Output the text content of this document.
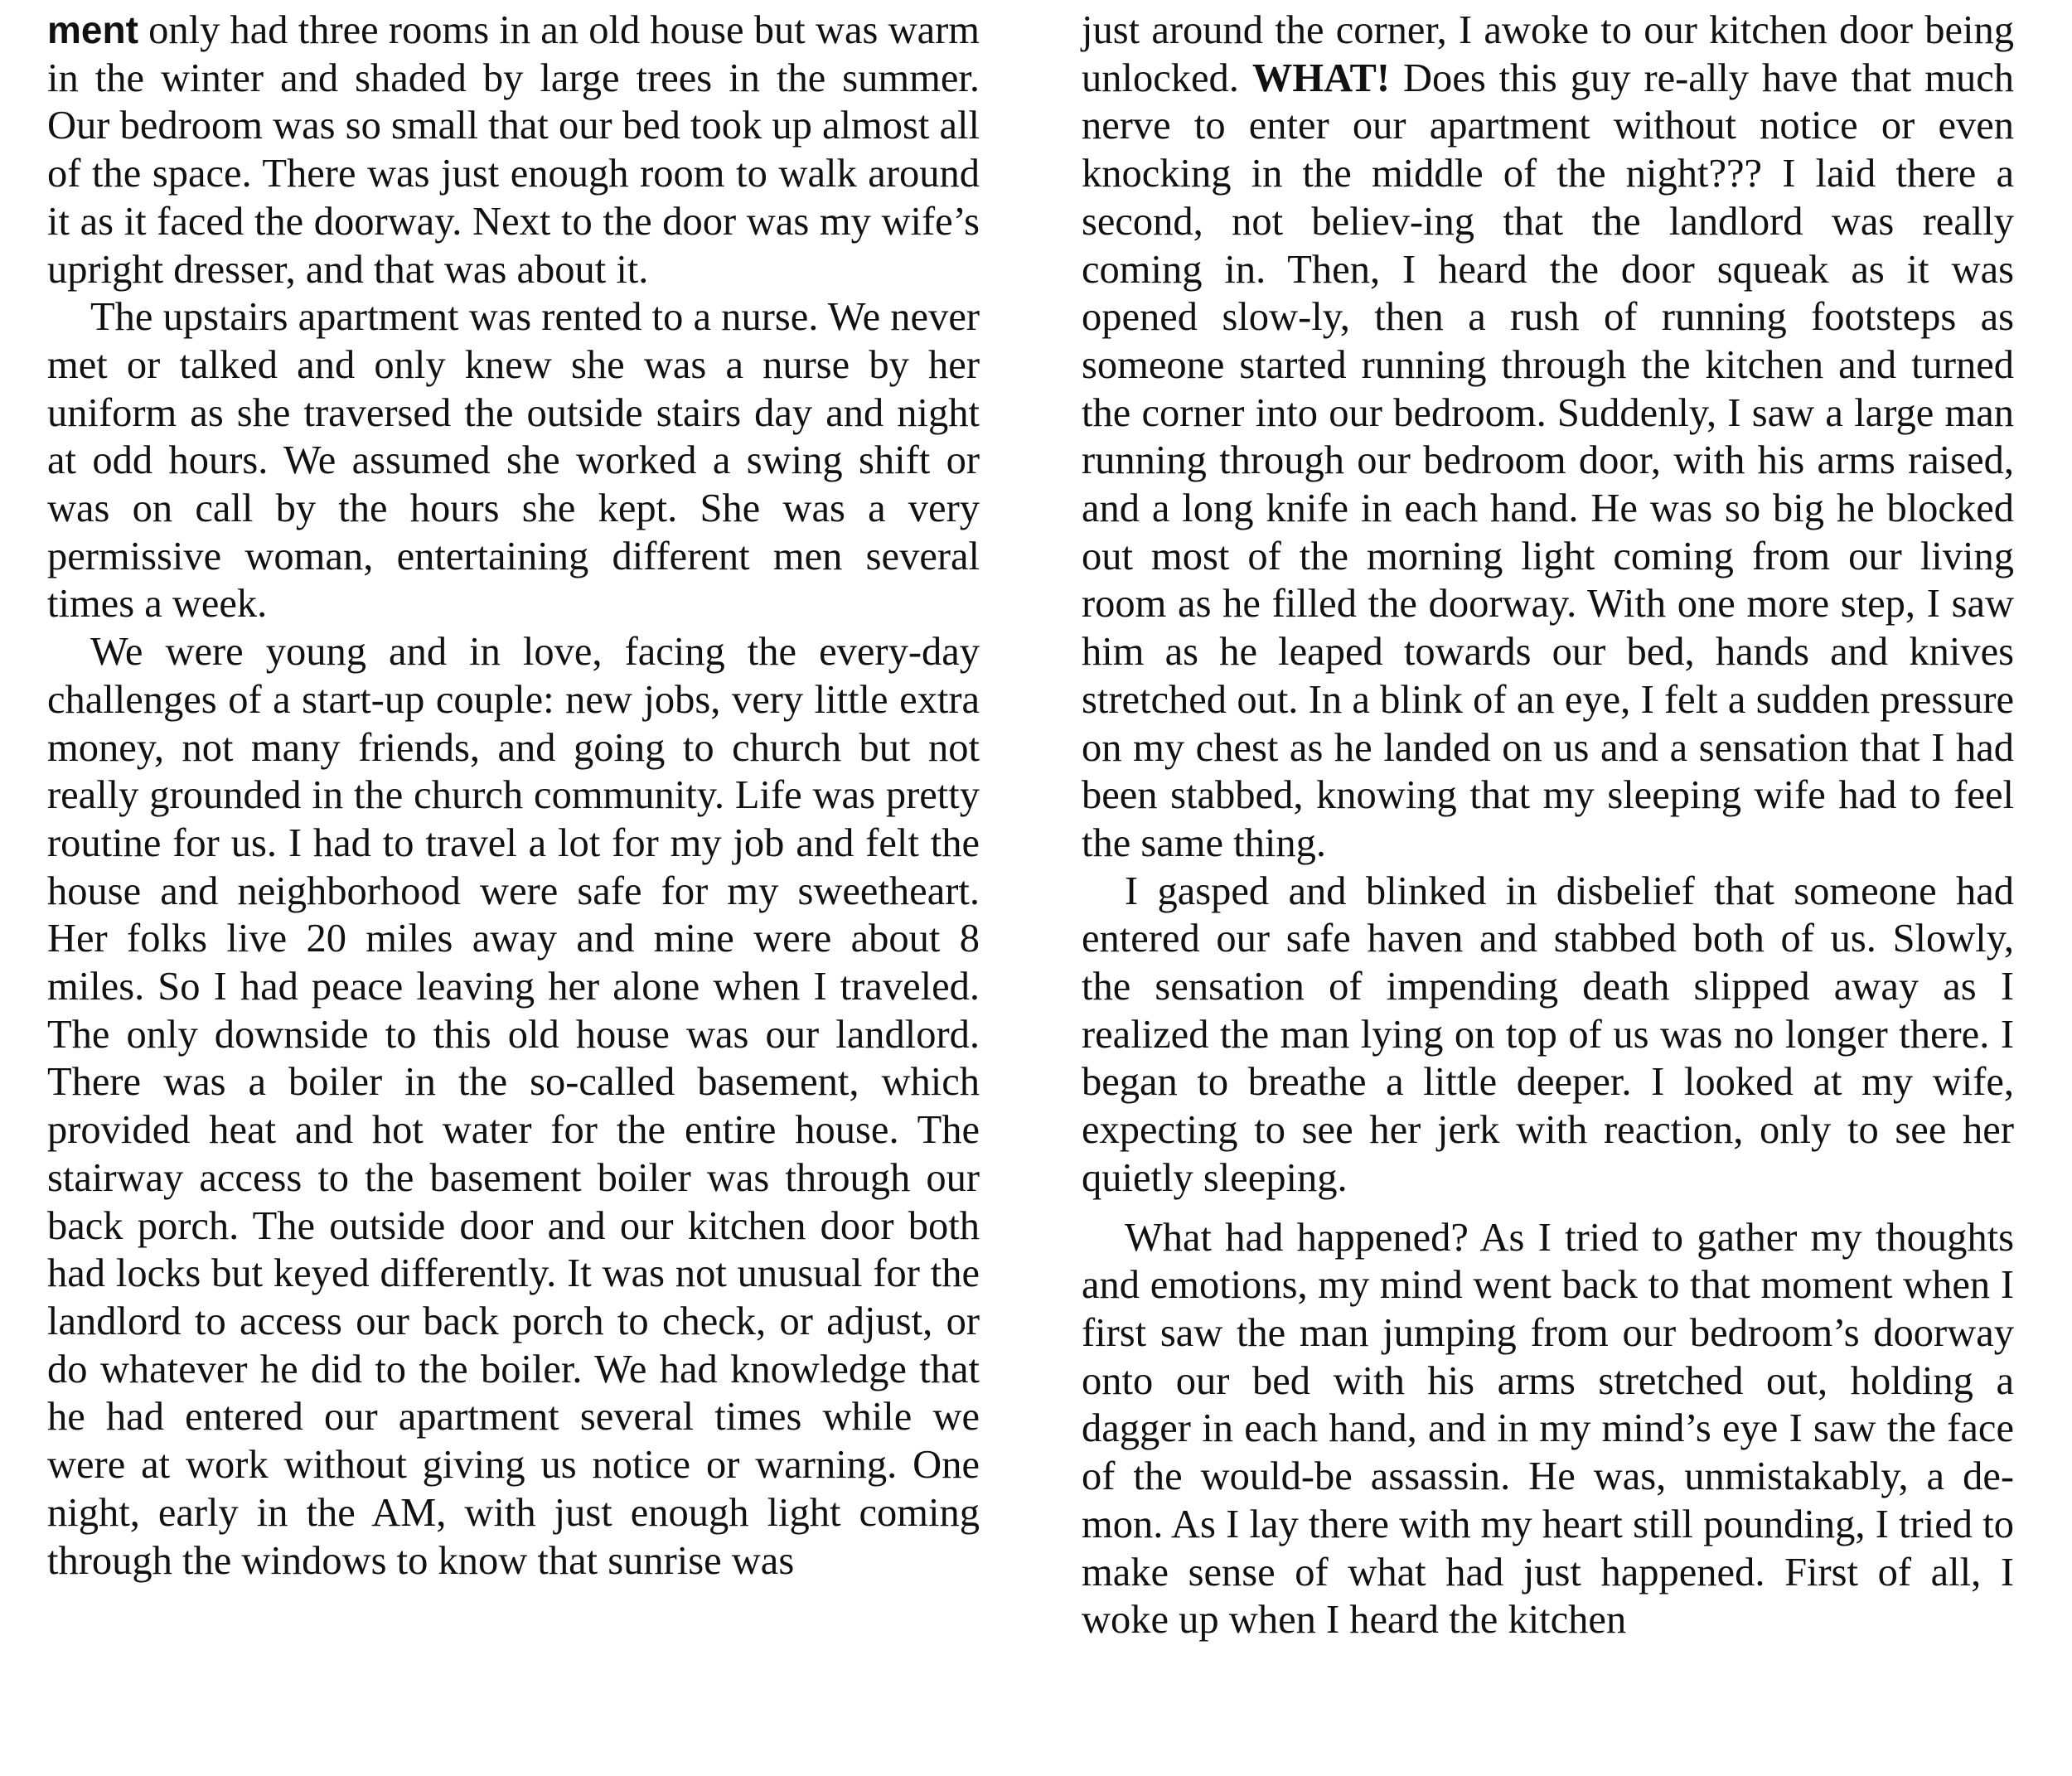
ment only had three rooms in an old house but was warm in the winter and shaded by large trees in the summer. Our bedroom was so small that our bed took up almost all of the space. There was just enough room to walk around it as it faced the doorway. Next to the door was my wife’s upright dresser, and that was about it.

The upstairs apartment was rented to a nurse. We never met or talked and only knew she was a nurse by her uniform as she traversed the outside stairs day and night at odd hours. We assumed she worked a swing shift or was on call by the hours she kept. She was a very permissive woman, entertaining different men several times a week.

We were young and in love, facing the every-day challenges of a start-up couple: new jobs, very little extra money, not many friends, and going to church but not really grounded in the church community. Life was pretty routine for us. I had to travel a lot for my job and felt the house and neighborhood were safe for my sweetheart. Her folks live 20 miles away and mine were about 8 miles. So I had peace leaving her alone when I traveled. The only downside to this old house was our landlord. There was a boiler in the so-called basement, which provided heat and hot water for the entire house. The stairway access to the basement boiler was through our back porch. The outside door and our kitchen door both had locks but keyed differently. It was not unusual for the landlord to access our back porch to check, or adjust, or do whatever he did to the boiler. We had knowledge that he had entered our apartment several times while we were at work without giving us notice or warning. One night, early in the AM, with just enough light coming through the windows to know that sunrise was

just around the corner, I awoke to our kitchen door being unlocked. WHAT! Does this guy re-ally have that much nerve to enter our apartment without notice or even knocking in the middle of the night??? I laid there a second, not believ-ing that the landlord was really coming in. Then, I heard the door squeak as it was opened slow-ly, then a rush of running footsteps as someone started running through the kitchen and turned the corner into our bedroom. Suddenly, I saw a large man running through our bedroom door, with his arms raised, and a long knife in each hand. He was so big he blocked out most of the morning light coming from our living room as he filled the doorway. With one more step, I saw him as he leaped towards our bed, hands and knives stretched out. In a blink of an eye, I felt a sudden pressure on my chest as he landed on us and a sensation that I had been stabbed, knowing that my sleeping wife had to feel the same thing.

I gasped and blinked in disbelief that someone had entered our safe haven and stabbed both of us. Slowly, the sensation of impending death slipped away as I realized the man lying on top of us was no longer there. I began to breathe a little deeper. I looked at my wife, expecting to see her jerk with reaction, only to see her quietly sleeping.

What had happened? As I tried to gather my thoughts and emotions, my mind went back to that moment when I first saw the man jumping from our bedroom’s doorway onto our bed with his arms stretched out, holding a dagger in each hand, and in my mind’s eye I saw the face of the would-be assassin. He was, unmistakably, a de-mon. As I lay there with my heart still pounding, I tried to make sense of what had just happened. First of all, I woke up when I heard the kitchen
